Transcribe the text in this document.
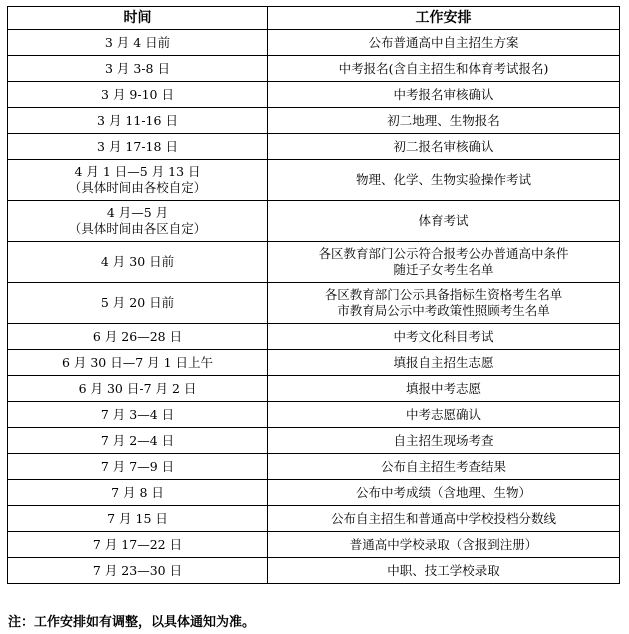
时间	工作安排

3 月 4 日前	公布普通高中自主招生方案

3 月 3-8 日	中考报名(含自主招生和体育考试报名)

3 月 9-10 日	中考报名审核确认

3 月 11-16 日	初二地理、生物报名

3 月 17-18 日	初二报名审核确认

4 月 1 日—5 月 13 日
（具体时间由各校自定）	物理、化学、生物实验操作考试

4 月—5 月
（具体时间由各区自定）	体育考试

4 月 30 日前	各区教育部门公示符合报考公办普通高中条件
随迁子女考生名单

5 月 20 日前	各区教育部门公示具备指标生资格考生名单
市教育局公示中考政策性照顾考生名单

6 月 26—28 日	中考文化科目考试

6 月 30 日—7 月 1 日上午	填报自主招生志愿

6 月 30 日-7 月 2 日	填报中考志愿

7 月 3—4 日	中考志愿确认

7 月 2—4 日	自主招生现场考查

7 月 7—9 日	公布自主招生考查结果

7 月 8 日	公布中考成绩（含地理、生物）

7 月 15 日	公布自主招生和普通高中学校投档分数线

7 月 17—22 日	普通高中学校录取（含报到注册）

7 月 23—30 日	中职、技工学校录取
注：工作安排如有调整，以具体通知为准。
